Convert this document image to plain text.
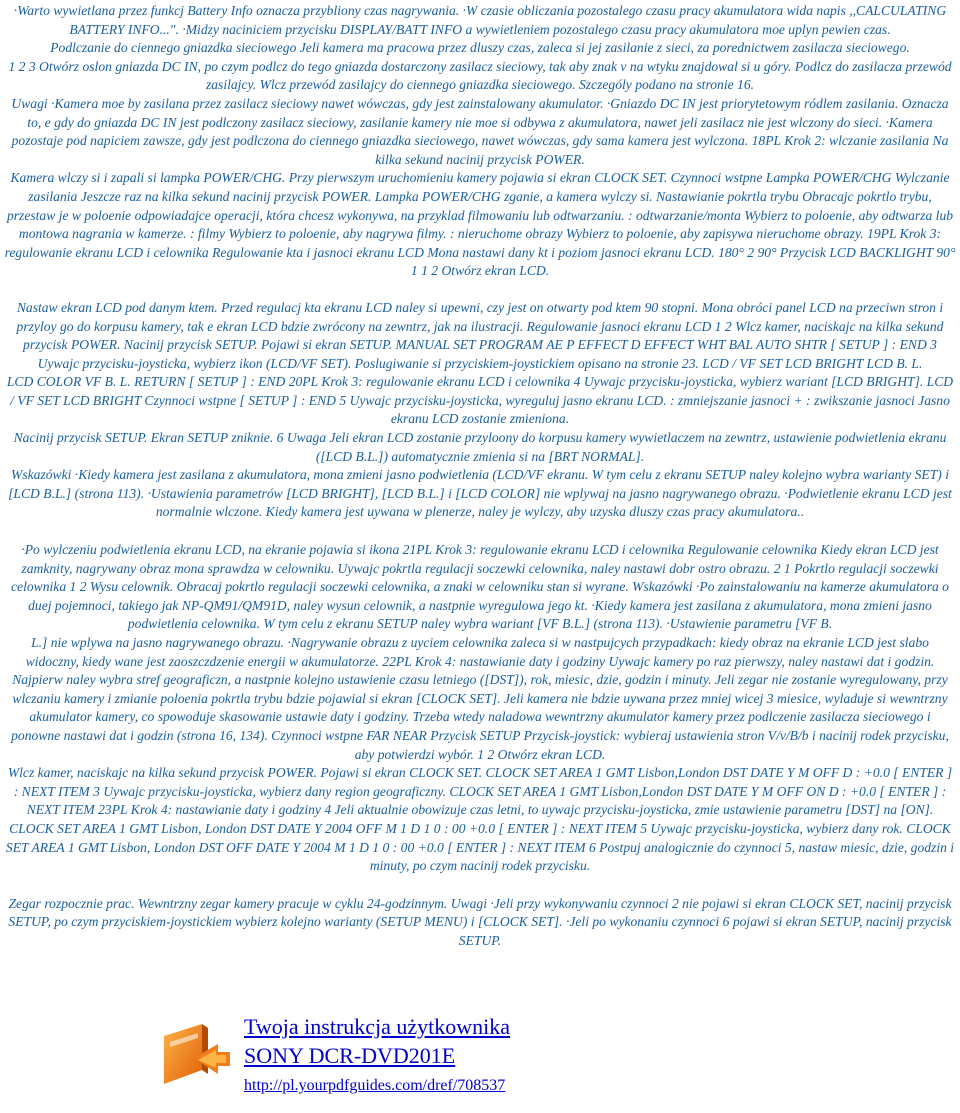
·Warto wywietlana przez funkcj Battery Info oznacza przybliony czas nagrywania. ·W czasie obliczania pozostalego czasu pracy akumulatora wida napis ,,CALCULATING BATTERY INFO...". ·Midzy naciniciem przycisku DISPLAY/BATT INFO a wywietleniem pozostalego czasu pracy akumulatora moe uplyn pewien czas.

Podlczanie do ciennego gniazdka sieciowego Jeli kamera ma pracowa przez dluszy czas, zaleca si jej zasilanie z sieci, za porednictwem zasilacza sieciowego.

1 2 3 Otwórz oslon gniazda DC IN, po czym podlcz do tego gniazda dostarczony zasilacz sieciowy, tak aby znak v na wtyku znajdowal si u góry. Podlcz do zasilacza przewód zasilajcy. Wlcz przewód zasilajcy do ciennego gniazdka sieciowego. Szczególy podano na stronie 16.

Uwagi ·Kamera moe by zasilana przez zasilacz sieciowy nawet wówczas, gdy jest zainstalowany akumulator. ·Gniazdo DC IN jest priorytetowym ródlem zasilania. Oznacza to, e gdy do gniazda DC IN jest podlczony zasilacz sieciowy, zasilanie kamery nie moe si odbywa z akumulatora, nawet jeli zasilacz nie jest wlczony do sieci. ·Kamera pozostaje pod napiciem zawsze, gdy jest podlczona do ciennego gniazdka sieciowego, nawet wówczas, gdy sama kamera jest wylczona. 18PL Krok 2: wlczanie zasilania Na kilka sekund nacinij przycisk POWER.

Kamera wlczy si i zapali si lampka POWER/CHG. Przy pierwszym uruchomieniu kamery pojawia si ekran CLOCK SET. Czynnoci wstpne Lampka POWER/CHG Wylczanie zasilania Jeszcze raz na kilka sekund nacinij przycisk POWER. Lampka POWER/CHG zganie, a kamera wylczy si. Nastawianie pokrtla trybu Obracajc pokrtlo trybu, przestaw je w poloenie odpowiadajce operacji, która chcesz wykonywa, na przyklad filmowaniu lub odtwarzaniu. : odtwarzanie/monta Wybierz to poloenie, aby odtwarza lub montowa nagrania w kamerze. : filmy Wybierz to poloenie, aby nagrywa filmy. : nieruchome obrazy Wybierz to poloenie, aby zapisywa nieruchome obrazy. 19PL Krok 3: regulowanie ekranu LCD i celownika Regulowanie kta i jasnoci ekranu LCD Mona nastawi dany kt i poziom jasnoci ekranu LCD. 180° 2 90° Przycisk LCD BACKLIGHT 90° 1 1 2 Otwórz ekran LCD.

Nastaw ekran LCD pod danym ktem. Przed regulacj kta ekranu LCD naley si upewni, czy jest on otwarty pod ktem 90 stopni. Mona obróci panel LCD na przeciwn stron i przyloy go do korpusu kamery, tak e ekran LCD bdzie zwrócony na zewntrz, jak na ilustracji. Regulowanie jasnoci ekranu LCD 1 2 Wlcz kamer, naciskajc na kilka sekund przycisk POWER. Nacinij przycisk SETUP. Pojawi si ekran SETUP. MANUAL SET PROGRAM AE P EFFECT D EFFECT WHT BAL AUTO SHTR [ SETUP ] : END 3 Uywajc przycisku-joysticka, wybierz ikon (LCD/VF SET). Poslugiwanie si przyciskiem-joystickiem opisano na stronie 23. LCD / VF SET LCD BRIGHT LCD B. L.

LCD COLOR VF B. L. RETURN [ SETUP ] : END 20PL Krok 3: regulowanie ekranu LCD i celownika 4 Uywajc przycisku-joysticka, wybierz wariant [LCD BRIGHT]. LCD / VF SET LCD BRIGHT Czynnoci wstpne [ SETUP ] : END 5 Uywajc przycisku-joysticka, wyreguluj jasno ekranu LCD. : zmniejszanie jasnoci + : zwikszanie jasnoci Jasno ekranu LCD zostanie zmieniona.

Nacinij przycisk SETUP. Ekran SETUP zniknie. 6 Uwaga Jeli ekran LCD zostanie przyloony do korpusu kamery wywietlaczem na zewntrz, ustawienie podwietlenia ekranu ([LCD B.L.]) automatycznie zmienia si na [BRT NORMAL].

Wskazówki ·Kiedy kamera jest zasilana z akumulatora, mona zmieni jasno podwietlenia (LCD/VF ekranu. W tym celu z ekranu SETUP naley kolejno wybra warianty SET) i [LCD B.L.] (strona 113). ·Ustawienia parametrów [LCD BRIGHT], [LCD B.L.] i [LCD COLOR] nie wplywaj na jasno nagrywanego obrazu. ·Podwietlenie ekranu LCD jest normalnie wlczone. Kiedy kamera jest uywana w plenerze, naley je wylczy, aby uzyska dluszy czas pracy akumulatora..

·Po wylczeniu podwietlenia ekranu LCD, na ekranie pojawia si ikona 21PL Krok 3: regulowanie ekranu LCD i celownika Regulowanie celownika Kiedy ekran LCD jest zamknity, nagrywany obraz mona sprawdza w celowniku. Uywajc pokrtla regulacji soczewki celownika, naley nastawi dobr ostro obrazu. 2 1 Pokrtlo regulacji soczewki celownika 1 2 Wysu celownik. Obracaj pokrtlo regulacji soczewki celownika, a znaki w celowniku stan si wyrane. Wskazówki ·Po zainstalowaniu na kamerze akumulatora o duej pojemnoci, takiego jak NP-QM91/QM91D, naley wysun celownik, a nastpnie wyregulowa jego kt. ·Kiedy kamera jest zasilana z akumulatora, mona zmieni jasno podwietlenia celownika. W tym celu z ekranu SETUP naley wybra wariant [VF B.L.] (strona 113). ·Ustawienie parametru [VF B.

L.] nie wplywa na jasno nagrywanego obrazu. ·Nagrywanie obrazu z uyciem celownika zaleca si w nastpujcych przypadkach: kiedy obraz na ekranie LCD jest slabo widoczny, kiedy wane jest zaoszczdzenie energii w akumulatorze. 22PL Krok 4: nastawianie daty i godziny Uywajc kamery po raz pierwszy, naley nastawi dat i godzin. Najpierw naley wybra stref geograficzn, a nastpnie kolejno ustawienie czasu letniego ([DST]), rok, miesic, dzie, godzin i minuty. Jeli zegar nie zostanie wyregulowany, przy wlczaniu kamery i zmianie poloenia pokrtla trybu bdzie pojawial si ekran [CLOCK SET]. Jeli kamera nie bdzie uywana przez mniej wicej 3 miesice, wyladuje si wewntrzny akumulator kamery, co spowoduje skasowanie ustawie daty i godziny. Trzeba wtedy naladowa wewntrzny akumulator kamery przez podlczenie zasilacza sieciowego i ponowne nastawi dat i godzin (strona 16, 134). Czynnoci wstpne FAR NEAR Przycisk SETUP Przycisk-joystick: wybieraj ustawienia stron V/v/B/b i nacinij rodek przycisku, aby potwierdzi wybór. 1 2 Otwórz ekran LCD.

Wlcz kamer, naciskajc na kilka sekund przycisk POWER. Pojawi si ekran CLOCK SET. CLOCK SET AREA 1 GMT Lisbon,London DST DATE Y M OFF D : +0.0 [ ENTER ] : NEXT ITEM 3 Uywajc przycisku-joysticka, wybierz dany region geograficzny. CLOCK SET AREA 1 GMT Lisbon,London DST DATE Y M OFF ON D : +0.0 [ ENTER ] : NEXT ITEM 23PL Krok 4: nastawianie daty i godziny 4 Jeli aktualnie obowizuje czas letni, to uywajc przycisku-joysticka, zmie ustawienie parametru [DST] na [ON]. CLOCK SET AREA 1 GMT Lisbon, London DST DATE Y 2004 OFF M 1 D 1 0 : 00 +0.0 [ ENTER ] : NEXT ITEM 5 Uywajc przycisku-joysticka, wybierz dany rok. CLOCK SET AREA 1 GMT Lisbon, London DST OFF DATE Y 2004 M 1 D 1 0 : 00 +0.0 [ ENTER ] : NEXT ITEM 6 Postpuj analogicznie do czynnoci 5, nastaw miesic, dzie, godzin i minuty, po czym nacinij rodek przycisku.

Zegar rozpocznie prac. Wewntrzny zegar kamery pracuje w cyklu 24-godzinnym. Uwagi ·Jeli przy wykonywaniu czynnoci 2 nie pojawi si ekran CLOCK SET, nacinij przycisk SETUP, po czym przyciskiem-joystickiem wybierz kolejno warianty (SETUP MENU) i [CLOCK SET]. ·Jeli po wykonaniu czynnoci 6 pojawi si ekran SETUP, nacinij przycisk SETUP.

Twoja instrukcja użytkownika
SONY DCR-DVD201E
http://pl.yourpdfguides.com/dref/708537
